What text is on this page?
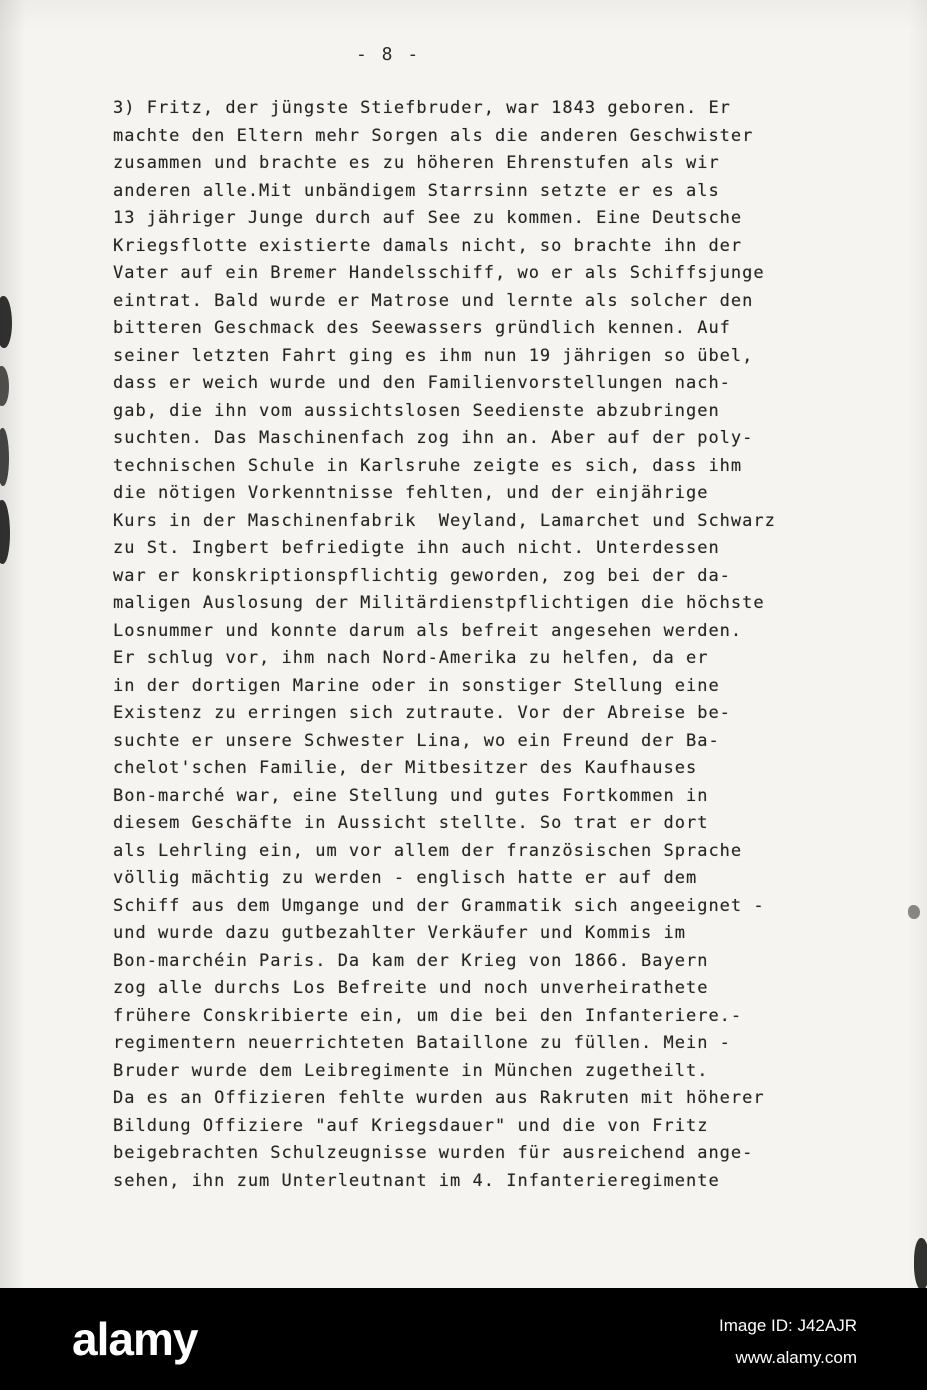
- 8 -
3) Fritz, der jüngste Stiefbruder, war 1843 geboren. Er
machte den Eltern mehr Sorgen als die anderen Geschwister
zusammen und brachte es zu höheren Ehrenstufen als wir
anderen alle.Mit unbändigem Starrsinn setzte er es als
13 jähriger Junge durch auf See zu kommen. Eine Deutsche
Kriegsflotte existierte damals nicht, so brachte ihn der
Vater auf ein Bremer Handelsschiff, wo er als Schiffsjunge
eintrat. Bald wurde er Matrose und lernte als solcher den
bitteren Geschmack des Seewassers gründlich kennen. Auf
seiner letzten Fahrt ging es ihm nun 19 jährigen so übel,
dass er weich wurde und den Familienvorstellungen nach-
gab, die ihn vom aussichtslosen Seedienste abzubringen
suchten. Das Maschinenfach zog ihn an. Aber auf der poly-
technischen Schule in Karlsruhe zeigte es sich, dass ihm
die nötigen Vorkenntnisse fehlten, und der einjährige
Kurs in der Maschinenfabrik  Weyland, Lamarchet und Schwarz
zu St. Ingbert befriedigte ihn auch nicht. Unterdessen
war er konskriptionspflichtig geworden, zog bei der da-
maligen Auslosung der Militärdienstpflichtigen die höchste
Losnummer und konnte darum als befreit angesehen werden.
Er schlug vor, ihm nach Nord-Amerika zu helfen, da er
in der dortigen Marine oder in sonstiger Stellung eine
Existenz zu erringen sich zutraute. Vor der Abreise be-
suchte er unsere Schwester Lina, wo ein Freund der Ba-
chelot'schen Familie, der Mitbesitzer des Kaufhauses
Bon-marché war, eine Stellung und gutes Fortkommen in
diesem Geschäfte in Aussicht stellte. So trat er dort
als Lehrling ein, um vor allem der französischen Sprache
völlig mächtig zu werden - englisch hatte er auf dem
Schiff aus dem Umgange und der Grammatik sich angeeignet -
und wurde dazu gutbezahlter Verkäufer und Kommis im
Bon-marchéin Paris. Da kam der Krieg von 1866. Bayern
zog alle durchs Los Befreite und noch unverheirathete
frühere Conskribierte ein, um die bei den Infanteriere.-
regimentern neuerrichteten Bataillone zu füllen. Mein -
Bruder wurde dem Leibregimente in München zugetheilt.
Da es an Offizieren fehlte wurden aus Rakruten mit höherer
Bildung Offiziere "auf Kriegsdauer" und die von Fritz
beigebrachten Schulzeugnisse wurden für ausreichend ange-
sehen, ihn zum Unterleutnant im 4. Infanterieregimente
alamy	Image ID: J42AJR
www.alamy.com
